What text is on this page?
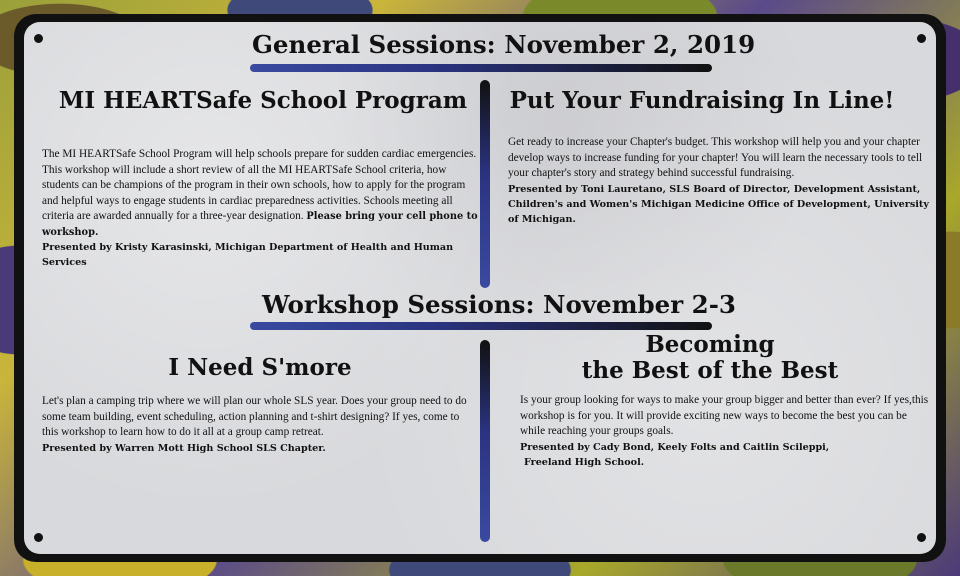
General Sessions: November 2, 2019
MI HEARTSafe School Program
The MI HEARTSafe School Program will help schools prepare for sudden cardiac emergencies. This workshop will include a short review of all the MI HEARTSafe School criteria, how students can be champions of the program in their own schools, how to apply for the program and helpful ways to engage students in cardiac preparedness activities. Schools meeting all criteria are awarded annually for a three-year designation. Please bring your cell phone to workshop.
Presented by Kristy Karasinski, Michigan Department of Health and Human Services
Put Your Fundraising In Line!
Get ready to increase your Chapter's budget. This workshop will help you and your chapter develop ways to increase funding for your chapter! You will learn the necessary tools to tell your chapter's story and strategy behind successful fundraising.
Presented by Toni Lauretano, SLS Board of Director, Development Assistant, Children's and Women's Michigan Medicine Office of Development, University of Michigan.
Workshop Sessions: November 2-3
I Need S'more
Let's plan a camping trip where we will plan our whole SLS year. Does your group need to do some team building, event scheduling, action planning and t-shirt designing? If yes, come to this workshop to learn how to do it all at a group camp retreat.
Presented by Warren Mott High School SLS Chapter.
Becoming
the Best of the Best
Is your group looking for ways to make your group bigger and better than ever? If yes,this workshop is for you. It will provide exciting new ways to become the best you can be while reaching your groups goals.
Presented by Cady Bond, Keely Folts and Caitlin Scileppi,
Freeland High School.
